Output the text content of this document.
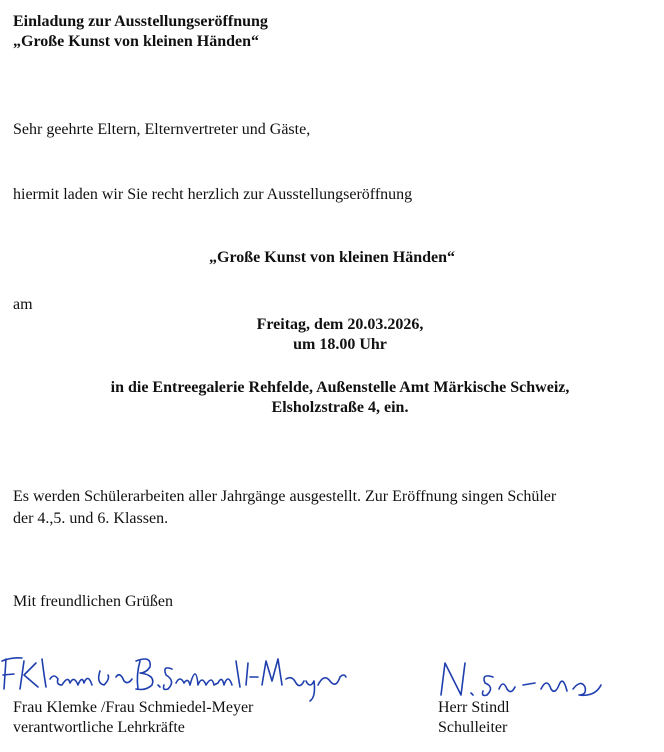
Einladung zur Ausstellungseröffnung
„Große Kunst von kleinen Händen“
Sehr geehrte Eltern, Elternvertreter und Gäste,
hiermit laden wir Sie recht herzlich zur Ausstellungseröffnung
„Große Kunst von kleinen Händen“
am
Freitag, dem 20.03.2026,
um 18.00 Uhr
in die Entreegalerie Rehfelde, Außenstelle Amt Märkische Schweiz,
Elsholzstraße 4, ein.
Es werden Schülerarbeiten aller Jahrgänge ausgestellt. Zur Eröffnung singen Schüler
der 4.,5. und 6. Klassen.
Mit freundlichen Grüßen
Frau Klemke /Frau Schmiedel-Meyer
verantwortliche Lehrkräfte
Herr Stindl
Schulleiter
